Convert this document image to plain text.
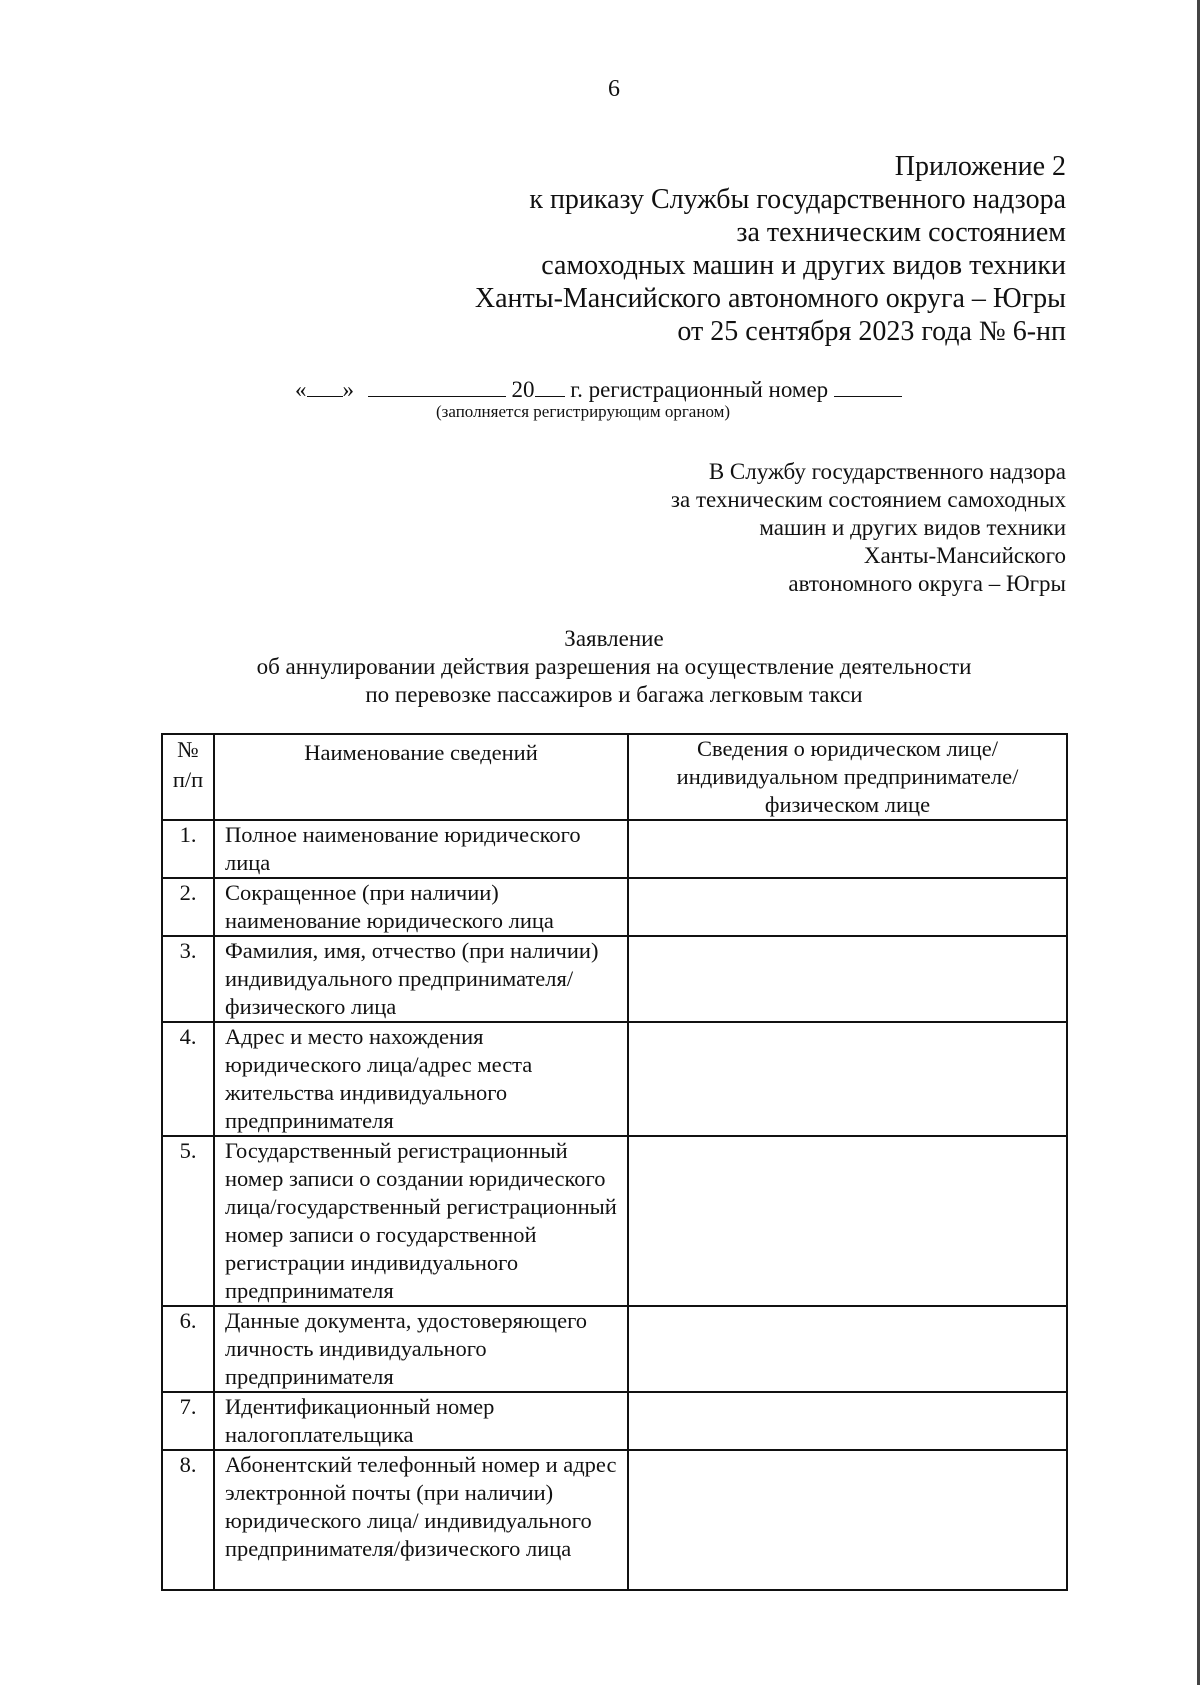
6
Приложение 2
к приказу Службы государственного надзора
за техническим состоянием
самоходных машин и других видов техники
Ханты-Мансийского автономного округа – Югры
от 25 сентября 2023 года № 6-нп
« »	20 г. регистрационный номер
(заполняется регистрирующим органом)
В Службу государственного надзора
за техническим состоянием самоходных
машин и других видов техники
Ханты-Мансийского
автономного округа – Югры
Заявление
об аннулировании действия разрешения на осуществление деятельности
по перевозке пассажиров и багажа легковым такси
№ п/п	Наименование сведений	Сведения о юридическом лице/ индивидуальном предпринимателе/ физическом лице
1.	Полное наименование юридического лица	
2.	Сокращенное (при наличии) наименование юридического лица	
3.	Фамилия, имя, отчество (при наличии) индивидуального предпринимателя/физического лица	
4.	Адрес и место нахождения юридического лица/адрес места жительства индивидуального предпринимателя	
5.	Государственный регистрационный номер записи о создании юридического лица/государственный регистрационный номер записи о государственной регистрации индивидуального предпринимателя	
6.	Данные документа, удостоверяющего личность индивидуального предпринимателя	
7.	Идентификационный номер налогоплательщика	
8.	Абонентский телефонный номер и адрес электронной почты (при наличии) юридического лица/ индивидуального предпринимателя/физического лица	
